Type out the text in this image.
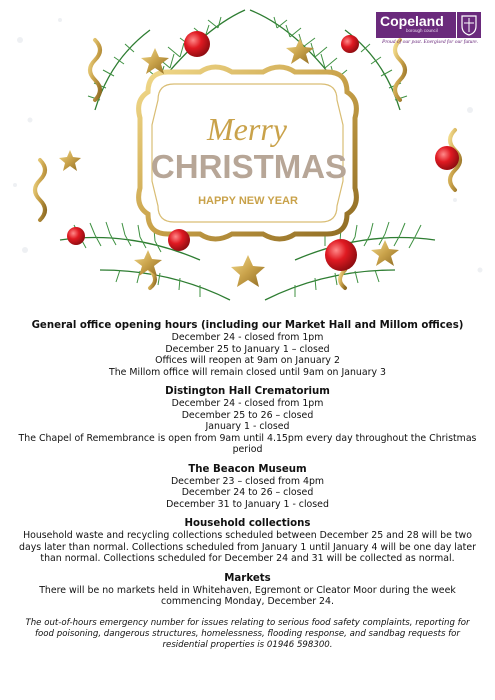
Merry
CHRISTMAS
HAPPY NEW YEAR
Copeland
borough council
Proud of our past. Energised for our future.
General office opening hours (including our Market Hall and Millom offices)
December 24 - closed from 1pm
December 25 to January 1 – closed
Offices will reopen at 9am on January 2
The Millom office will remain closed until 9am on January 3
Distington Hall Crematorium
December 24 - closed from 1pm
December 25 to 26 – closed
January 1 - closed
The Chapel of Remembrance is open from 9am until 4.15pm every day throughout the Christmas period
The Beacon Museum
December 23 – closed from 4pm
December 24 to 26 – closed
December 31 to January 1 - closed
Household collections
Household waste and recycling collections scheduled between December 25 and 28 will be two days later than normal. Collections scheduled from January 1 until January 4 will be one day later than normal. Collections scheduled for December 24 and 31 will be collected as normal.
Markets
There will be no markets held in Whitehaven, Egremont or Cleator Moor during the week commencing Monday, December 24.
The out-of-hours emergency number for issues relating to serious food safety complaints, reporting for food poisoning, dangerous structures, homelessness, flooding response, and sandbag requests for residential properties is 01946 598300.
